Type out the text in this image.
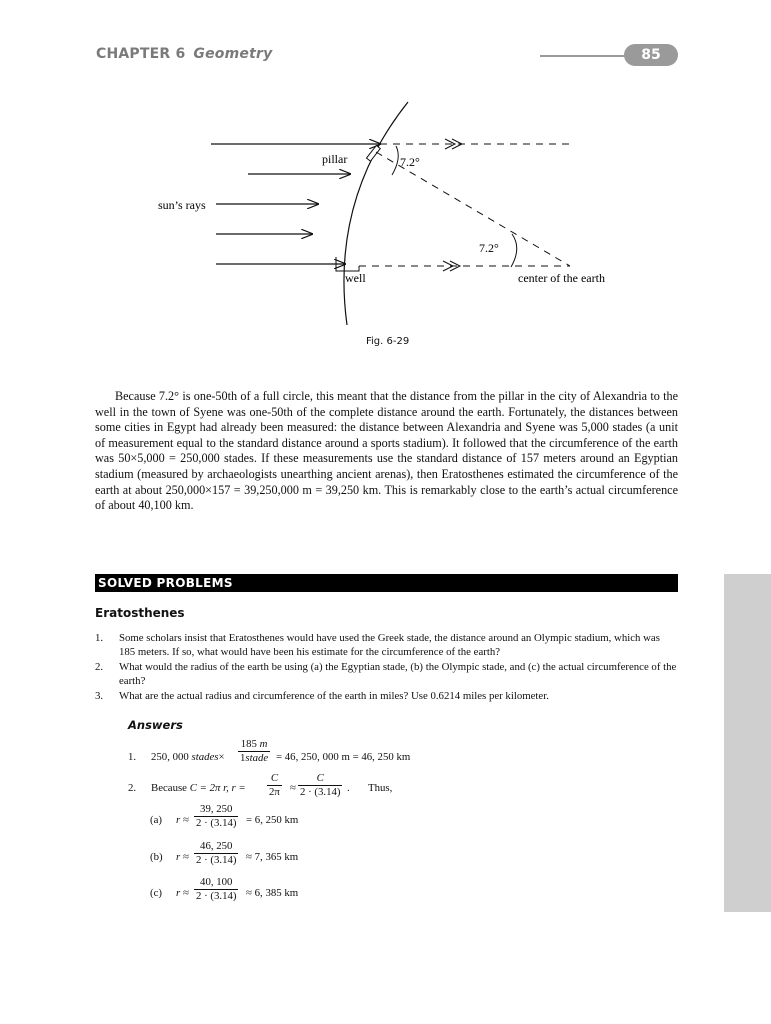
CHAPTER 6 Geometry	85
pillar	7.2°
sun’s rays
7.2°
well	center of the earth
Fig. 6-29

Because 7.2° is one-50th of a full circle, this meant that the distance from the pillar in the city of Alexandria to the well in the town of Syene was one-50th of the complete distance around the earth. Fortunately, the distances between some cities in Egypt had already been measured: the distance between Alexandria and Syene was 5,000 stades (a unit of measurement equal to the standard distance around a sports stadium). It followed that the circumference of the earth was 50×5,000 = 250,000 stades. If these measurements use the standard distance of 157 meters around an Egyptian stadium (measured by archaeologists unearthing ancient arenas), then Eratosthenes estimated the circumference of the earth at about 250,000×157 = 39,250,000 m = 39,250 km. This is remarkably close to the earth’s actual circumference of about 40,100 km.

SOLVED PROBLEMS
Eratosthenes
1. Some scholars insist that Eratosthenes would have used the Greek stade, the distance around an Olympic stadium, which was 185 meters. If so, what would have been his estimate for the circumference of the earth?
2. What would the radius of the earth be using (a) the Egyptian stade, (b) the Olympic stade, and (c) the actual circumference of the earth?
3. What are the actual radius and circumference of the earth in miles? Use 0.6214 miles per kilometer.
Answers
1. 250, 000 stades×
185 m
1stade = 46, 250, 000 m = 46, 250 km
2. Because C = 2π r, $r = \frac{C}{2\pi} \approx \frac{C}{2 \cdot (3.14)}$ . Thus,
(a) $r \approx \frac{39, 250}{2 \cdot (3.14)} = 6$, 250 km
(b) $r \approx \frac{46, 250}{2 \cdot (3.14)} \approx 7$, 365 km
(c) $r \approx \frac{40, 100}{2 \cdot (3.14)} \approx 6$, 385 km
